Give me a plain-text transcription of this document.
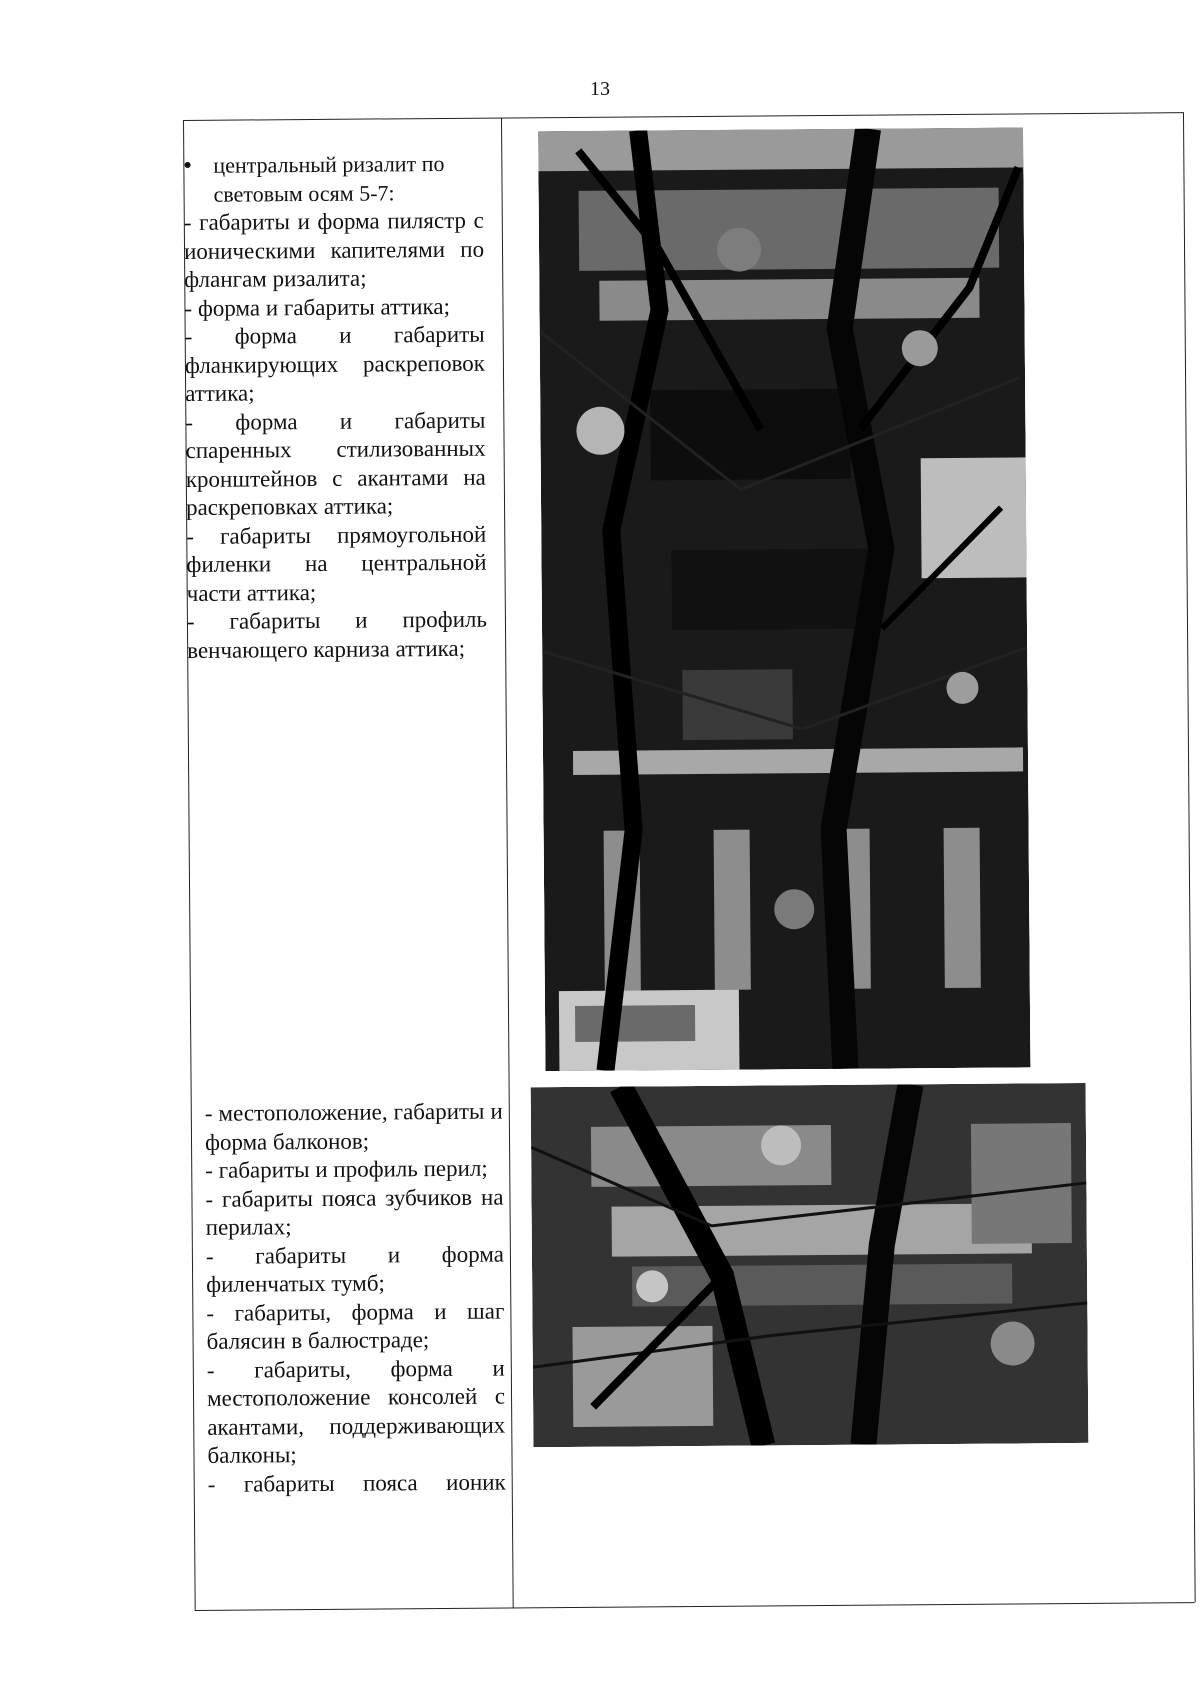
13

● центральный ризалит по световым осям 5-7:

- габариты и форма пилястр с ионическими капителями по флангам ризалита;

- форма и габариты аттика;

- форма и габариты фланкирующих раскреповок аттика;

- форма и габариты спаренных стилизованных кронштейнов с акантами на раскреповках аттика;

- габариты прямоугольной филенки на центральной части аттика;

- габариты и профиль венчающего карниза аттика;

- местоположение, габариты и форма балконов;

- габариты и профиль перил;

- габариты пояса зубчиков на перилах;

- габариты и форма филенчатых тумб;

- габариты, форма и шаг балясин в балюстраде;

- габариты, форма и местоположение консолей с акантами, поддерживающих балконы;

- габариты пояса ионик
